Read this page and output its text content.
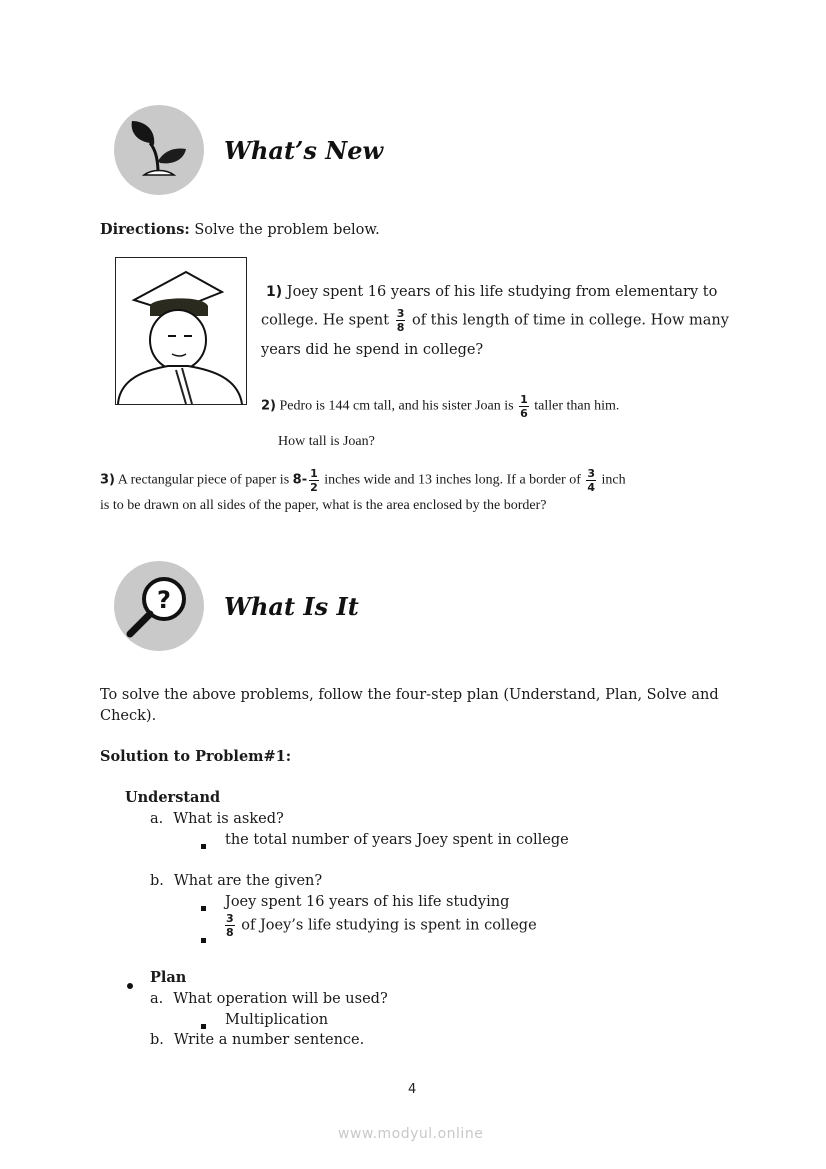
What’s New
Directions: Solve the problem below.
1) Joey spent 16 years of his life studying from elementary to
college. He spent $\frac{3}{8}$ of this length of time in college. How many
years did he spend in college?
2) Pedro is 144 cm tall, and his sister Joan is $\frac{1}{6}$ taller than him.
How tall is Joan?
3) A rectangular piece of paper is $8- \frac{1}{2}$ inches wide and 13 inches long. If a border of $\frac{3}{4}$ inch
is to be drawn on all sides of the paper, what is the area enclosed by the border?
? What Is It
To solve the above problems, follow the four-step plan (Understand, Plan, Solve and
Check).
Solution to Problem#1:
Understand
a. What is asked?
the total number of years Joey spent in college
b. What are the given?
Joey spent 16 years of his life studying
$\frac{3}{8}$ of Joey’s life studying is spent in college
Plan
a. What operation will be used?
Multiplication
b. Write a number sentence.
4
www.modyul.online
